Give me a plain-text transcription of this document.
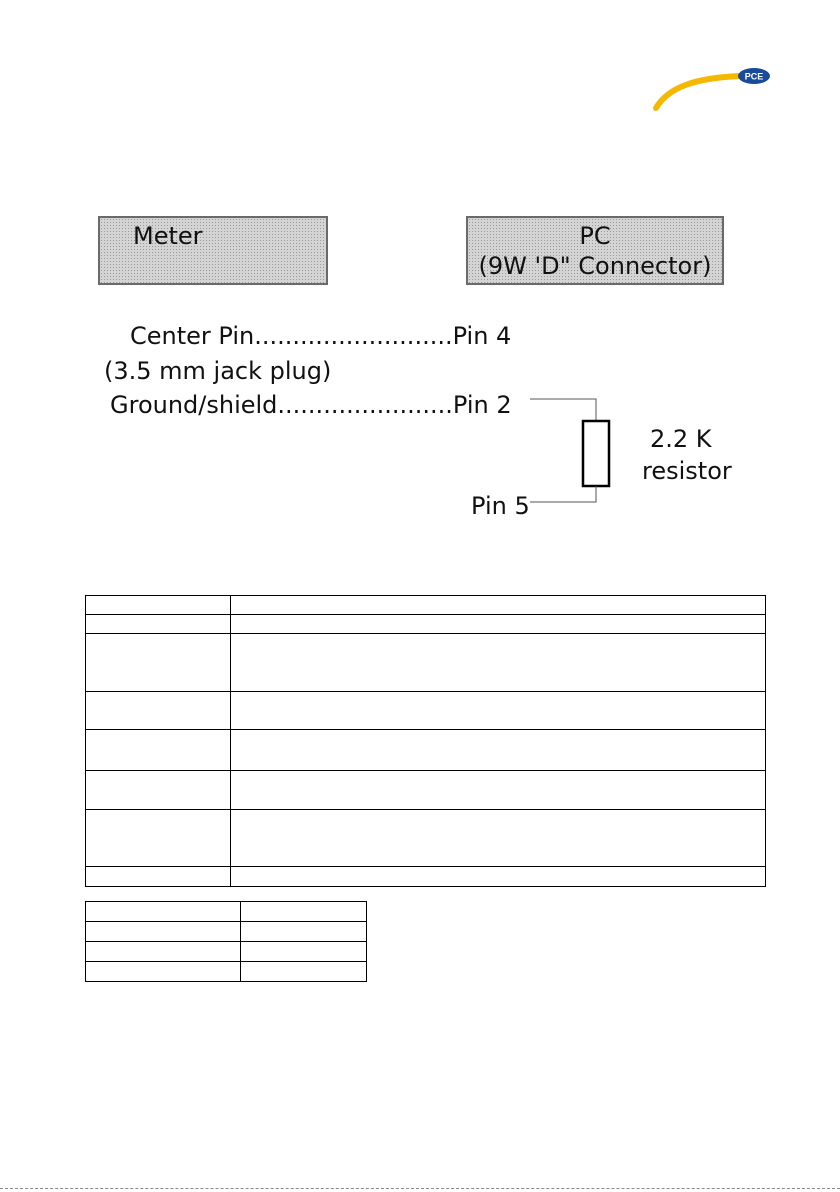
PCE
Meter	PC
(9W 'D" Connector)
Center Pin..........................Pin 4
(3.5 mm jack plug)
Ground/shield.......................Pin 2
Pin 5
2.2 K
resistor
